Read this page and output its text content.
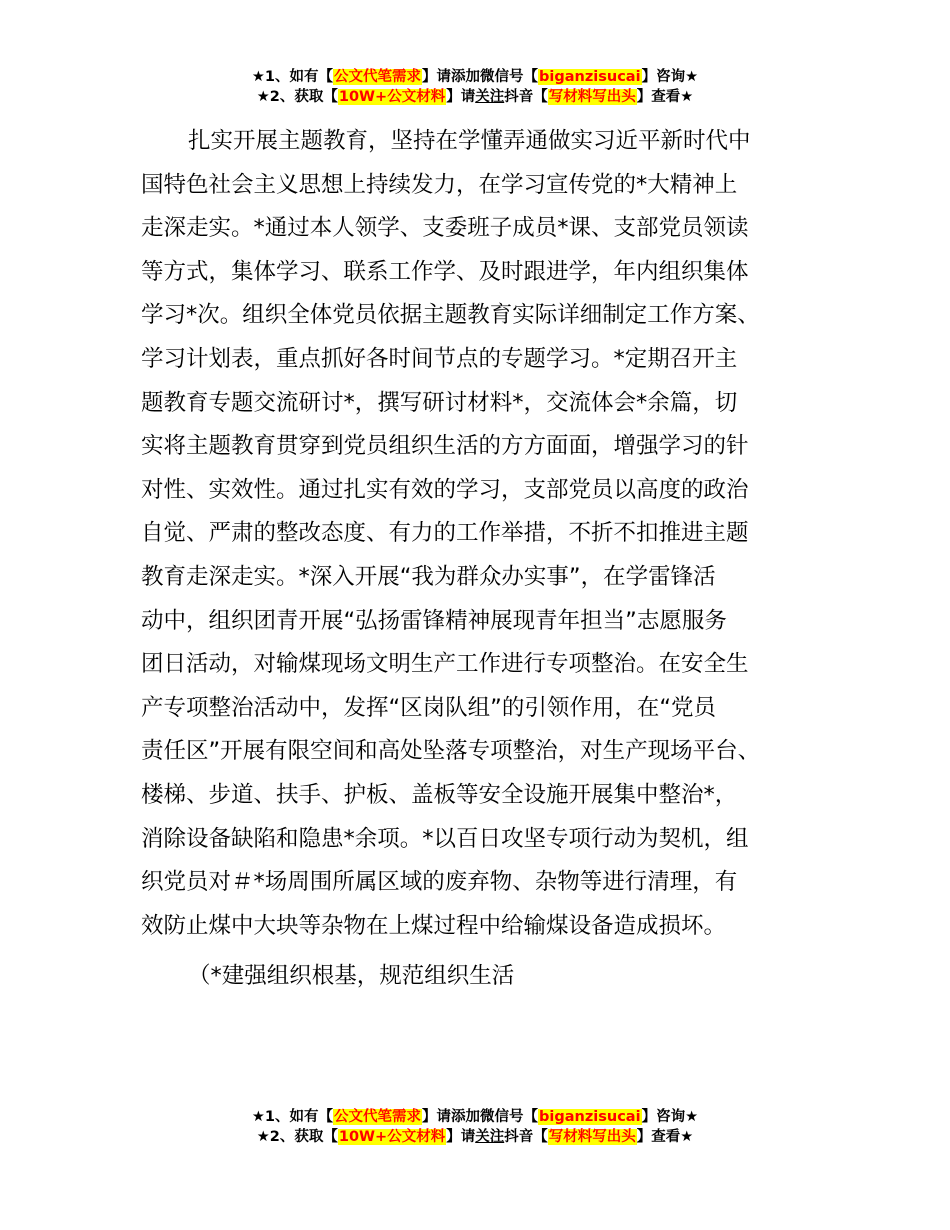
★1、如有【公文代笔需求】请添加微信号【biganzisucai】咨询★
★2、获取【10W+公文材料】请关注抖音【写材料写出头】查看★
扎实开展主题教育，坚持在学懂弄通做实习近平新时代中
国特色社会主义思想上持续发力，在学习宣传党的*大精神上
走深走实。*通过本人领学、支委班子成员*课、支部党员领读
等方式，集体学习、联系工作学、及时跟进学，年内组织集体
学习*次。组织全体党员依据主题教育实际详细制定工作方案、
学习计划表，重点抓好各时间节点的专题学习。*定期召开主
题教育专题交流研讨*，撰写研讨材料*，交流体会*余篇，切
实将主题教育贯穿到党员组织生活的方方面面，增强学习的针
对性、实效性。通过扎实有效的学习，支部党员以高度的政治
自觉、严肃的整改态度、有力的工作举措，不折不扣推进主题
教育走深走实。*深入开展“我为群众办实事”，在学雷锋活
动中，组织团青开展“弘扬雷锋精神展现青年担当”志愿服务
团日活动，对输煤现场文明生产工作进行专项整治。在安全生
产专项整治活动中，发挥“区岗队组”的引领作用，在“党员
责任区”开展有限空间和高处坠落专项整治，对生产现场平台、
楼梯、步道、扶手、护板、盖板等安全设施开展集中整治*，
消除设备缺陷和隐患*余项。*以百日攻坚专项行动为契机，组
织党员对＃*场周围所属区域的废弃物、杂物等进行清理，有
效防止煤中大块等杂物在上煤过程中给输煤设备造成损坏。
（*建强组织根基，规范组织生活
★1、如有【公文代笔需求】请添加微信号【biganzisucai】咨询★
★2、获取【10W+公文材料】请关注抖音【写材料写出头】查看★
